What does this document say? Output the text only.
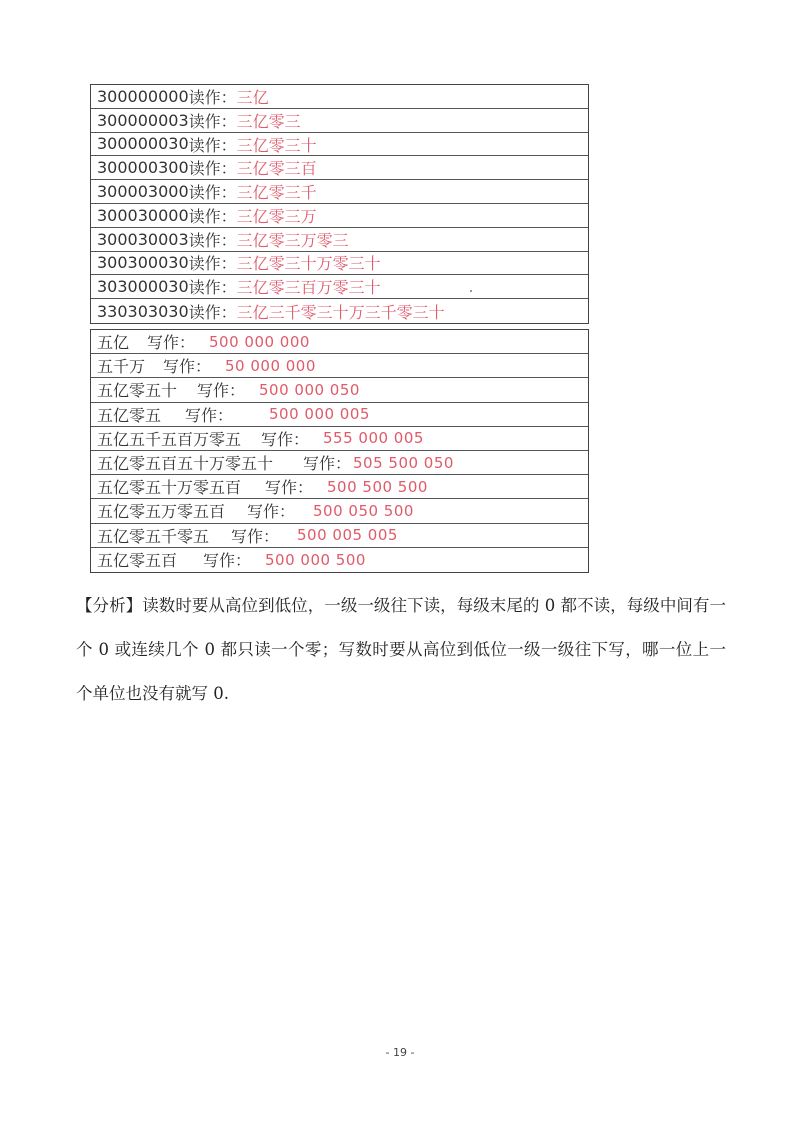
300000000 读作： 三亿
300000003 读作： 三亿零三
300000030 读作： 三亿零三十
300000300 读作： 三亿零三百
300003000 读作： 三亿零三千
300030000 读作： 三亿零三万
300030003 读作： 三亿零三万零三
300300030 读作： 三亿零三十万零三十
303000030 读作： 三亿零三百万零三十
330303030 读作： 三亿三千零三十万三千零三十
五亿	写作： 500 000 000
五千万	写作： 50 000 000
五亿零五十	写作： 500 000 050
五亿零五	写作：	500 000 005
五亿五千五百万零五	写作： 555 000 005
五亿零五百五十万零五十	写作： 505 500 050
五亿零五十万零五百	写作： 500 500 500
五亿零五万零五百	写作：	500 050 500
五亿零五千零五	写作：	500 005 005
五亿零五百	写作： 500 000 500

【分析】读数时要从高位到低位，一级一级往下读，每级末尾的 0 都不读，每级中间有一个 0 或连续几个 0 都只读一个零；写数时要从高位到低位一级一级往下写，哪一位上一个单位也没有就写 0.

- 19 -
